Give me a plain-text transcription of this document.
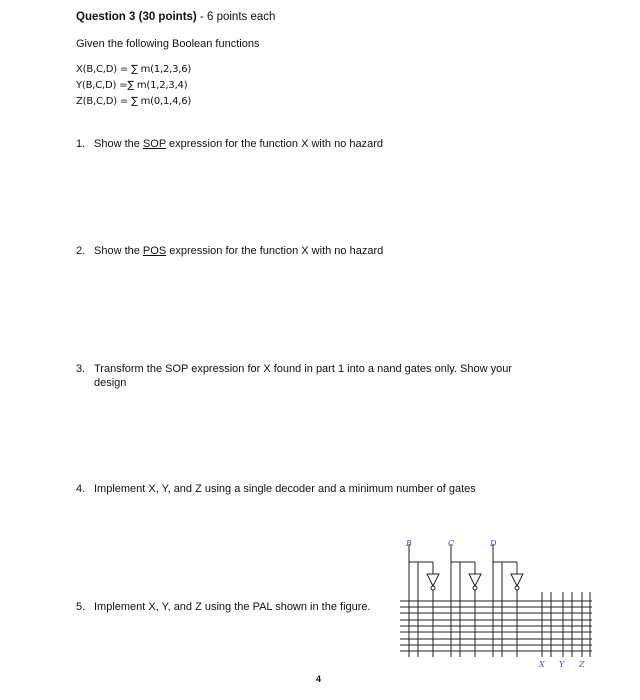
Question 3 (30 points) - 6 points each
Given the following Boolean functions
X(B,C,D) = ∑ m(1,2,3,6)
Y(B,C,D) =∑ m(1,2,3,4)
Z(B,C,D) = ∑ m(0,1,4,6)
1. Show the SOP expression for the function X with no hazard
2. Show the POS expression for the function X with no hazard
3. Transform the SOP expression for X found in part 1 into a nand gates only. Show your
design
4. Implement X, Y, and Z using a single decoder and a minimum number of gates
5. Implement X, Y, and Z using the PAL shown in the figure.
B	C	D
X Y Z
4
